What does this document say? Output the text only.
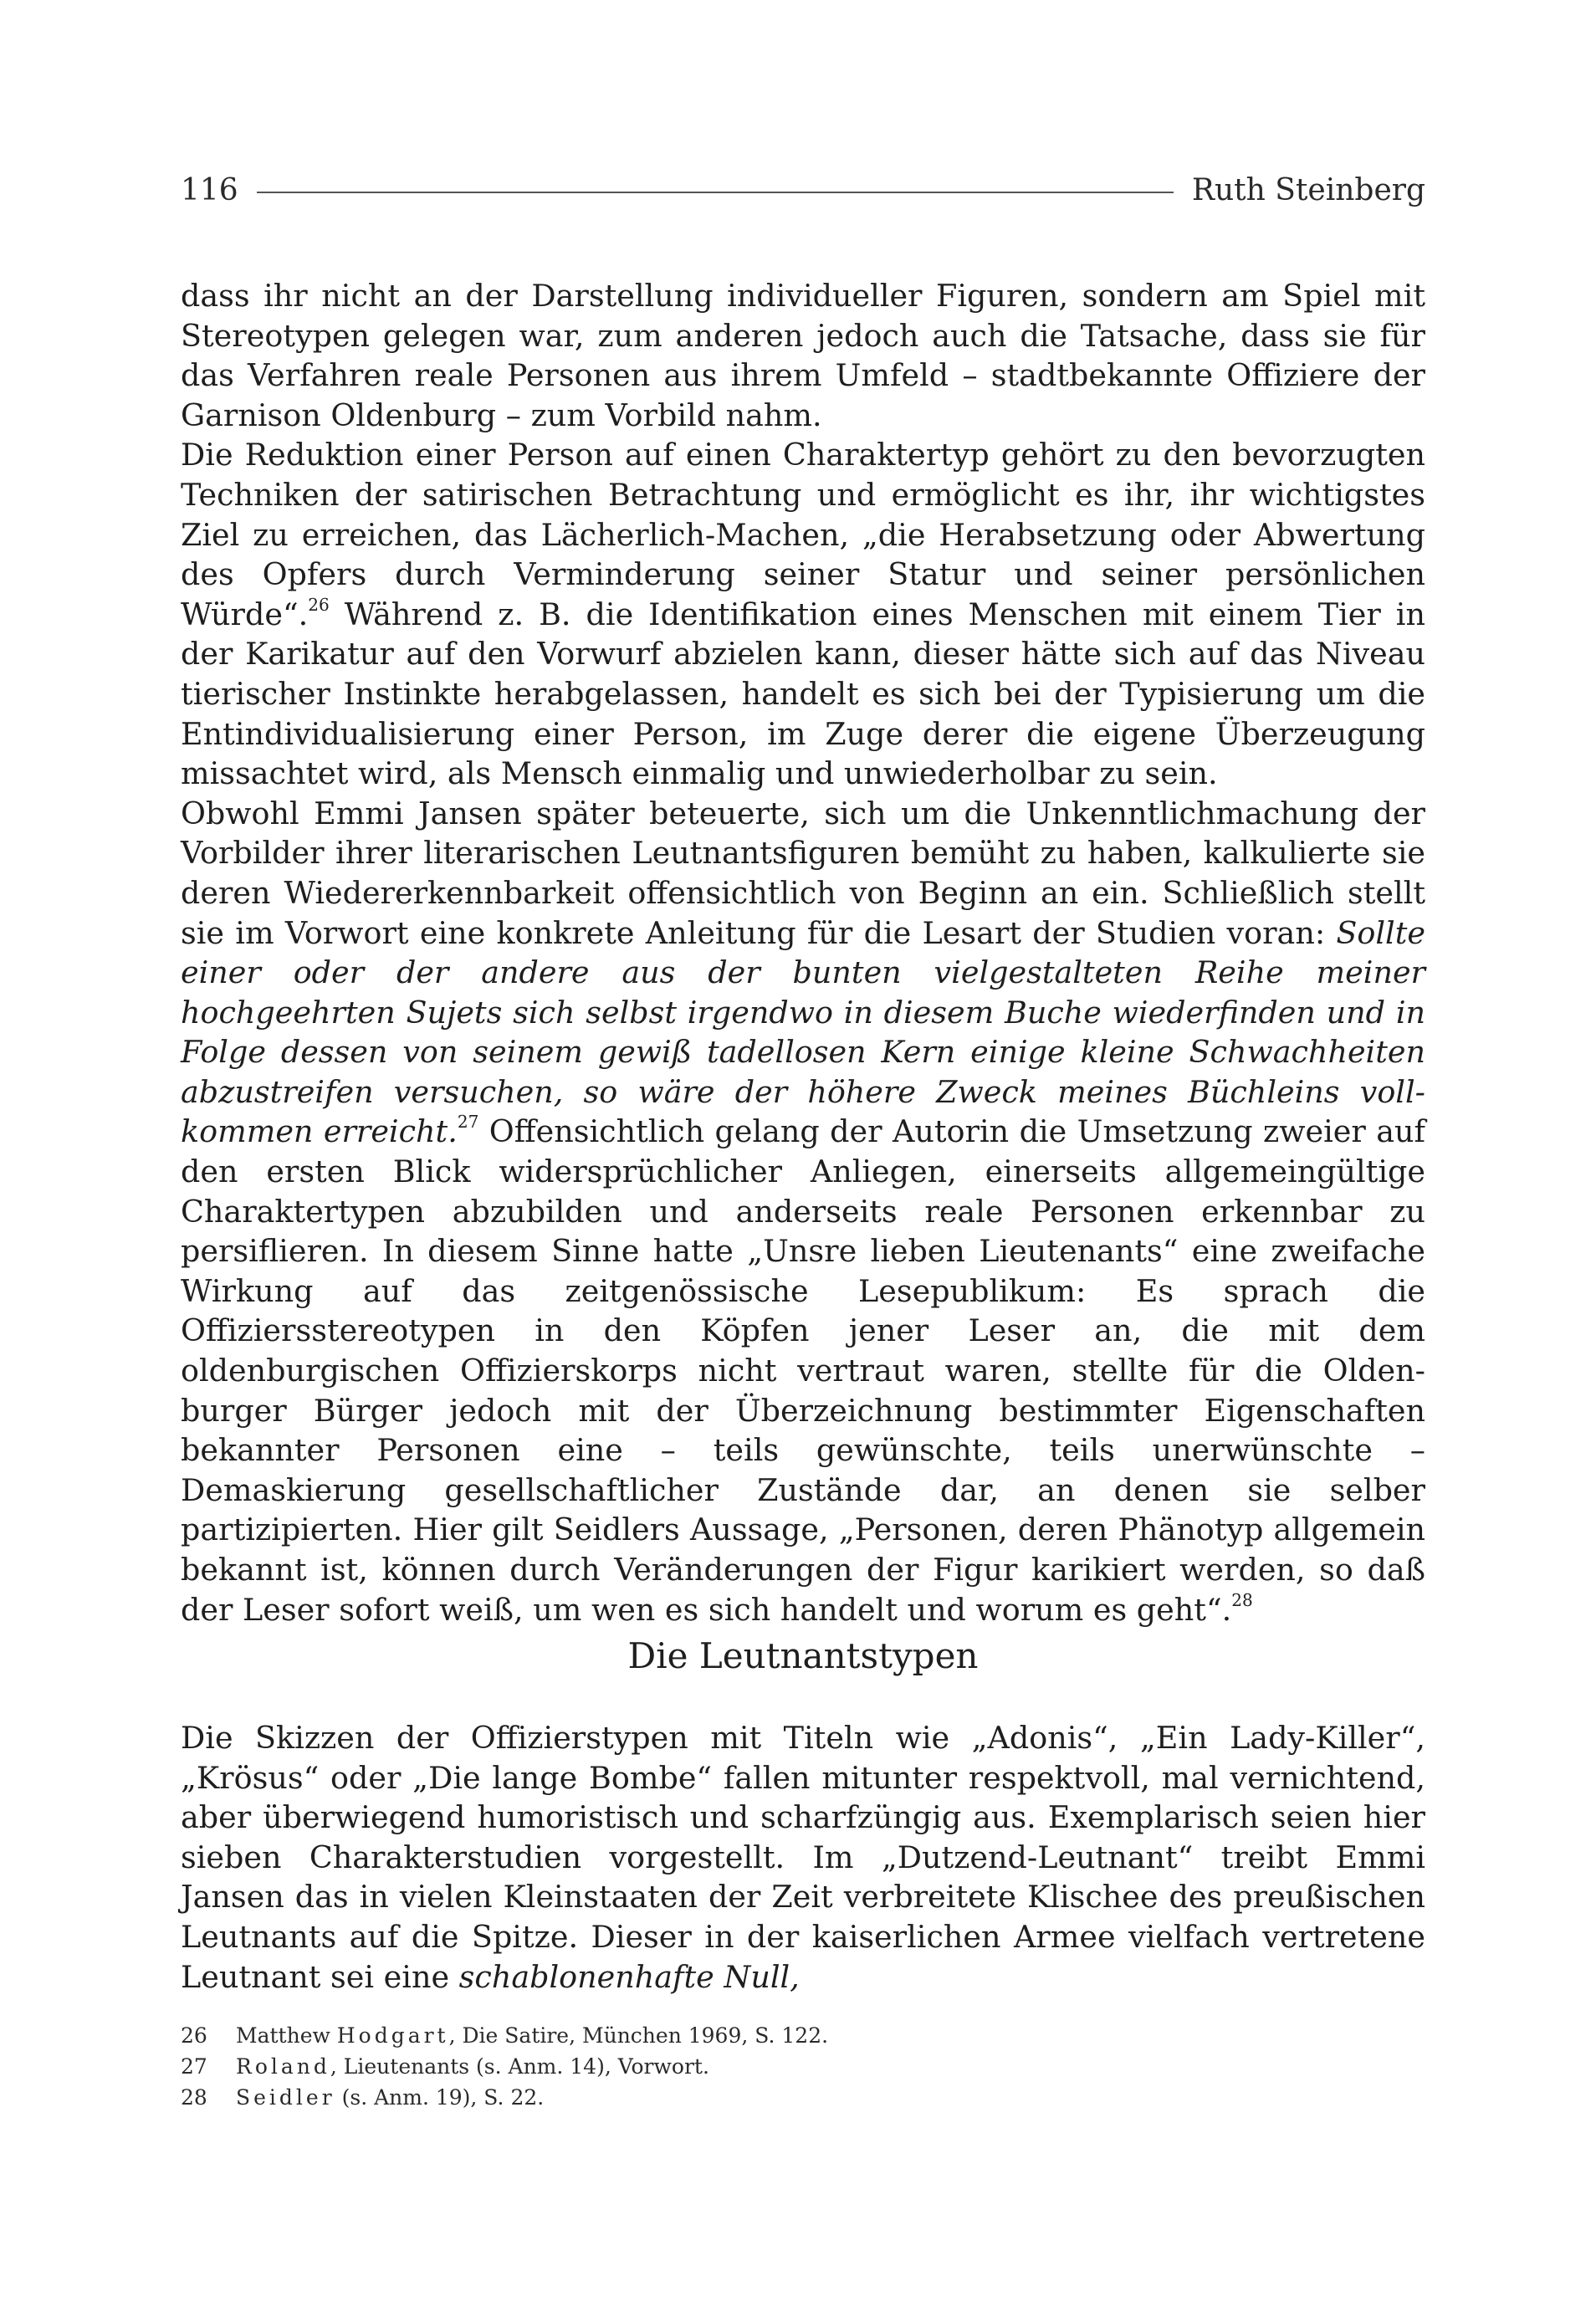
116	Ruth Steinberg

dass ihr nicht an der Darstellung individueller Figuren, sondern am Spiel mit Stereotypen gelegen war, zum anderen jedoch auch die Tatsache, dass sie für das Verfahren reale Personen aus ihrem Umfeld – stadtbekannte Offiziere der Garnison Oldenburg – zum Vorbild nahm.

Die Reduktion einer Person auf einen Charaktertyp gehört zu den bevorzugten Techniken der satirischen Betrachtung und ermöglicht es ihr, ihr wichtigstes Ziel zu erreichen, das Lächerlich-Machen, „die Herabsetzung oder Abwertung des Opfers durch Verminderung seiner Statur und seiner persönlichen Würde“.$^{26}$ Während z. B. die Identifikation eines Menschen mit einem Tier in der Karikatur auf den Vorwurf abzielen kann, dieser hätte sich auf das Niveau tierischer Instinkte herabgelassen, handelt es sich bei der Typisierung um die Entindividualisierung einer Person, im Zuge derer die eigene Überzeugung missachtet wird, als Mensch einmalig und unwiederholbar zu sein.

Obwohl Emmi Jansen später beteuerte, sich um die Unkenntlichmachung der Vorbilder ihrer literarischen Leutnantsfiguren bemüht zu haben, kalkulierte sie deren Wiedererkennbarkeit offensichtlich von Beginn an ein. Schließlich stellt sie im Vorwort eine konkrete Anleitung für die Lesart der Studien voran: Sollte einer oder der andere aus der bunten vielgestalteten Reihe meiner hochgeehrten Sujets sich selbst irgendwo in diesem Buche wiederfinden und in Folge dessen von seinem gewiß tadellosen Kern einige kleine Schwachheiten abzustreifen versuchen, so wäre der höhere Zweck meines Büchleins vollkommen erreicht.$^{27}$ Offensichtlich gelang der Autorin die Umsetzung zweier auf den ersten Blick widersprüchlicher Anliegen, einerseits allgemeingültige Charaktertypen abzubilden und anderseits reale Personen erkennbar zu persiflieren. In diesem Sinne hatte „Unsre lieben Lieutenants“ eine zweifache Wirkung auf das zeitgenössische Lesepublikum: Es sprach die Offiziersstereotypen in den Köpfen jener Leser an, die mit dem oldenburgischen Offizierskorps nicht vertraut waren, stellte für die Oldenburger Bürger jedoch mit der Überzeichnung bestimmter Eigenschaften bekannter Personen eine – teils gewünschte, teils unerwünschte – Demaskierung gesellschaftlicher Zustände dar, an denen sie selber partizipierten. Hier gilt Seidlers Aussage, „Personen, deren Phänotyp allgemein bekannt ist, können durch Veränderungen der Figur karikiert werden, so daß der Leser sofort weiß, um wen es sich handelt und worum es geht“.$^{28}$

Die Leutnantstypen

Die Skizzen der Offizierstypen mit Titeln wie „Adonis“, „Ein Lady-Killer“, „Krösus“ oder „Die lange Bombe“ fallen mitunter respektvoll, mal vernichtend, aber überwiegend humoristisch und scharfzüngig aus. Exemplarisch seien hier sieben Charakterstudien vorgestellt. Im „Dutzend-Leutnant“ treibt Emmi Jansen das in vielen Kleinstaaten der Zeit verbreitete Klischee des preußischen Leutnants auf die Spitze. Dieser in der kaiserlichen Armee vielfach vertretene Leutnant sei eine schablonenhafte Null,

26	Matthew Hodgart, Die Satire, München 1969, S. 122.
27	Roland, Lieutenants (s. Anm. 14), Vorwort.
28	Seidler (s. Anm. 19), S. 22.
